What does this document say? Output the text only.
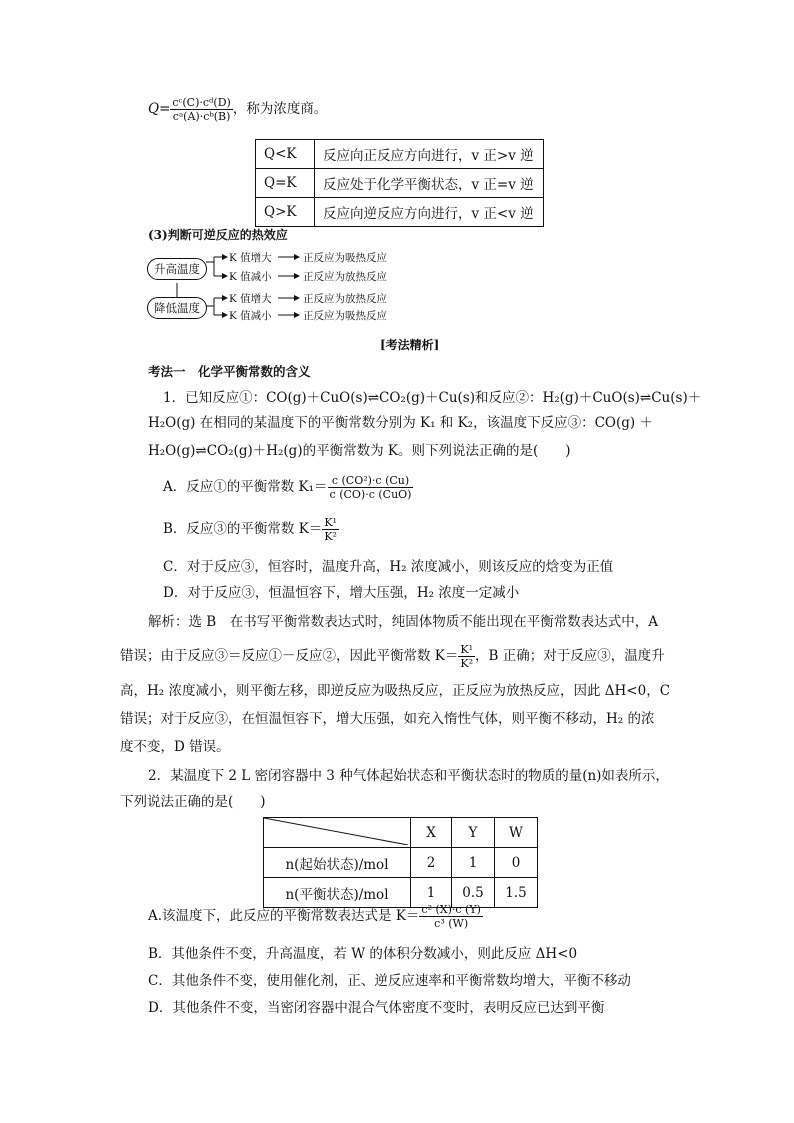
$Q= \frac{\text{cᶜ(C)·cᵈ(D)}}{\text{cᵃ(A)·cᵇ(B)}}$ ，称为浓度商。
Q<K	反应向正反应方向进行，v 正>v 逆
Q=K	反应处于化学平衡状态，v 正=v 逆
Q>K	反应向逆反应方向进行，v 正<v 逆
(3)判断可逆反应的热效应
升高温度
降低温度
K 值增大
K 值减小
K 值增大
K 值减小
正反应为吸热反应
正反应为放热反应
正反应为放热反应
正反应为吸热反应
[考法精析]
考法一　化学平衡常数的含义
1．已知反应①：CO(g)＋CuO(s)⇌CO₂(g)＋Cu(s)和反应②：H₂(g)＋CuO(s)⇌Cu(s)＋
H₂O(g) 在相同的某温度下的平衡常数分别为 K₁ 和 K₂，该温度下反应③：CO(g) ＋
H₂O(g)⇌CO₂(g)＋H₂(g)的平衡常数为 K。则下列说法正确的是(　　)
A．反应①的平衡常数 $K_1= \frac{\text{c (CO²)·c (Cu)}}{\text{c (CO)·c (CuO)}}$
B．反应③的平衡常数 $K= \frac{\text{K¹}}{\text{K²}}$
C．对于反应③，恒容时，温度升高，H₂ 浓度减小，则该反应的焓变为正值
D．对于反应③，恒温恒容下，增大压强，H₂ 浓度一定减小
解析：选 B　在书写平衡常数表达式时，纯固体物质不能出现在平衡常数表达式中，A
错误；由于反应③＝反应①－反应②，因此平衡常数 $K= \frac{\text{K¹}}{\text{K²}}$ ，B 正确；对于反应③，温度升
高，H₂ 浓度减小，则平衡左移，即逆反应为吸热反应，正反应为放热反应，因此 ΔH<0，C
错误；对于反应③，在恒温恒容下，增大压强，如充入惰性气体，则平衡不移动，H₂ 的浓
度不变，D 错误。
2．某温度下 2 L 密闭容器中 3 种气体起始状态和平衡状态时的物质的量(n)如表所示，
下列说法正确的是(　　)
	X	Y	W
n(起始状态)/mol	2	1	0
n(平衡状态)/mol	1	0.5	1.5
A.该温度下，此反应的平衡常数表达式是 $K= \frac{\text{c² (X)·c (Y)}}{\text{c³ (W)}}$
B．其他条件不变，升高温度，若 W 的体积分数减小，则此反应 ΔH<0
C．其他条件不变，使用催化剂，正、逆反应速率和平衡常数均增大，平衡不移动
D．其他条件不变，当密闭容器中混合气体密度不变时，表明反应已达到平衡
